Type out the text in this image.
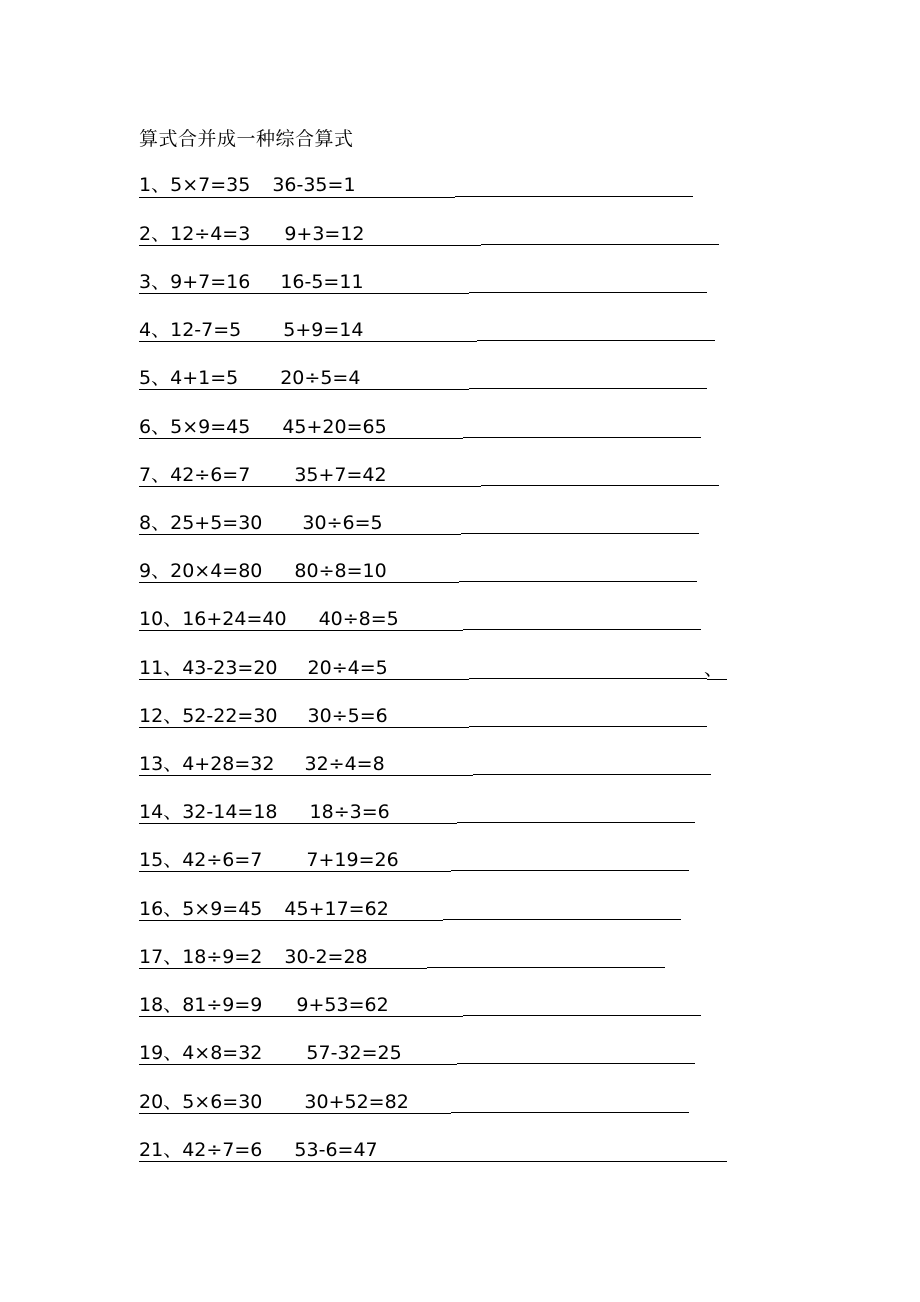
算式合并成一种综合算式
1、5×7=35 36-35=1
2、12÷4=3 9+3=12
3、9+7=16 16-5=11
4、12-7=5 5+9=14
5、4+1=5 20÷5=4
6、5×9=45 45+20=65
7、42÷6=7 35+7=42
8、25+5=30 30÷6=5
9、20×4=80 80÷8=10
10、16+24=40 40÷8=5
11、43-23=20 20÷4=5	、
12、52-22=30 30÷5=6
13、4+28=32 32÷4=8
14、32-14=18 18÷3=6
15、42÷6=7 7+19=26
16、5×9=45 45+17=62
17、18÷9=2 30-2=28
18、81÷9=9 9+53=62
19、4×8=32 57-32=25
20、5×6=30 30+52=82
21、42÷7=6 53-6=47
